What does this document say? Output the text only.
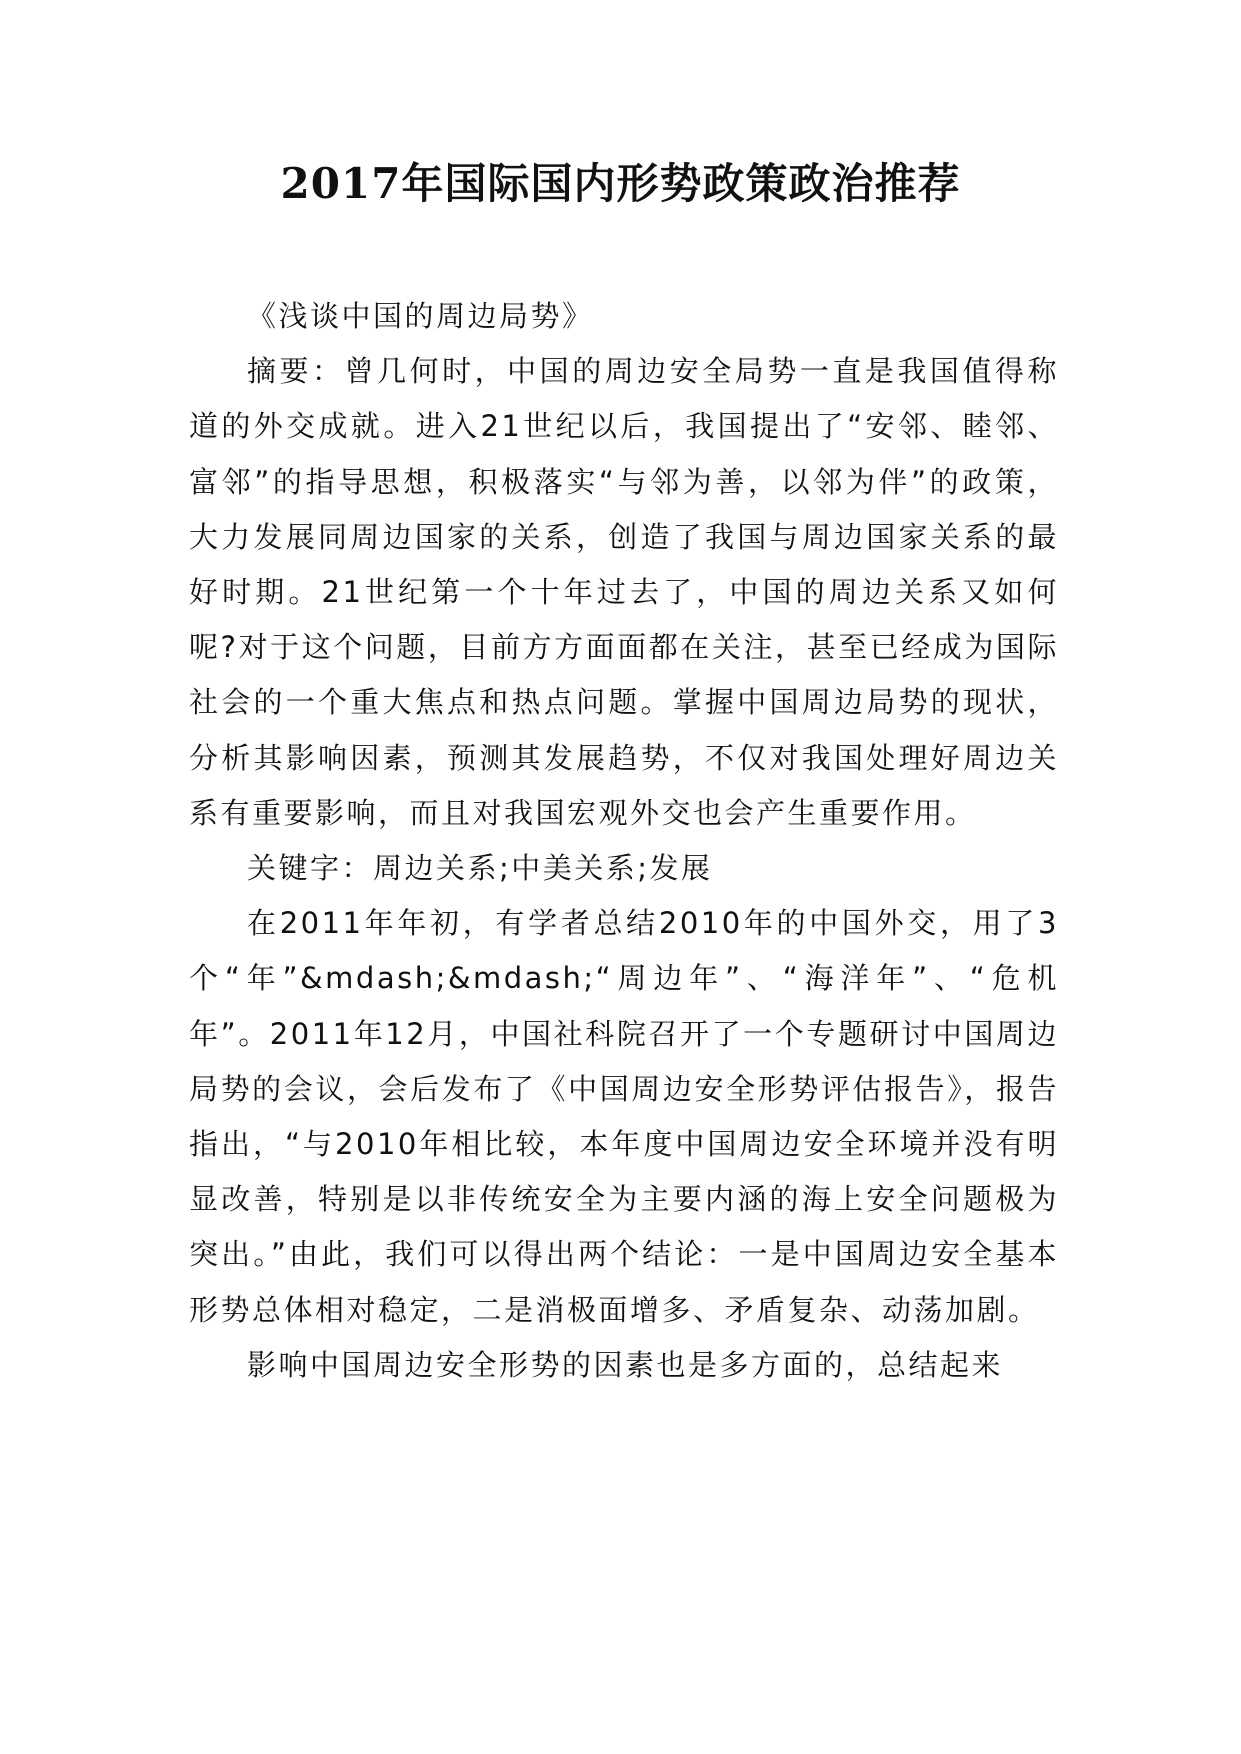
2017年国际国内形势政策政治推荐

《浅谈中国的周边局势》

摘要：曾几何时，中国的周边安全局势一直是我国值得称道的外交成就。进入21世纪以后，我国提出了“安邻、睦邻、富邻”的指导思想，积极落实“与邻为善，以邻为伴”的政策，大力发展同周边国家的关系，创造了我国与周边国家关系的最好时期。21世纪第一个十年过去了，中国的周边关系又如何呢?对于这个问题，目前方方面面都在关注，甚至已经成为国际社会的一个重大焦点和热点问题。掌握中国周边局势的现状，分析其影响因素，预测其发展趋势，不仅对我国处理好周边关系有重要影响，而且对我国宏观外交也会产生重要作用。

关键字：周边关系;中美关系;发展

在2011年年初，有学者总结2010年的中国外交，用了3个“年”&mdash;&mdash;“周边年”、“海洋年”、“危机年”。2011年12月，中国社科院召开了一个专题研讨中国周边局势的会议，会后发布了《中国周边安全形势评估报告》，报告指出，“与2010年相比较，本年度中国周边安全环境并没有明显改善，特别是以非传统安全为主要内涵的海上安全问题极为突出。”由此，我们可以得出两个结论：一是中国周边安全基本形势总体相对稳定，二是消极面增多、矛盾复杂、动荡加剧。

影响中国周边安全形势的因素也是多方面的，总结起来
